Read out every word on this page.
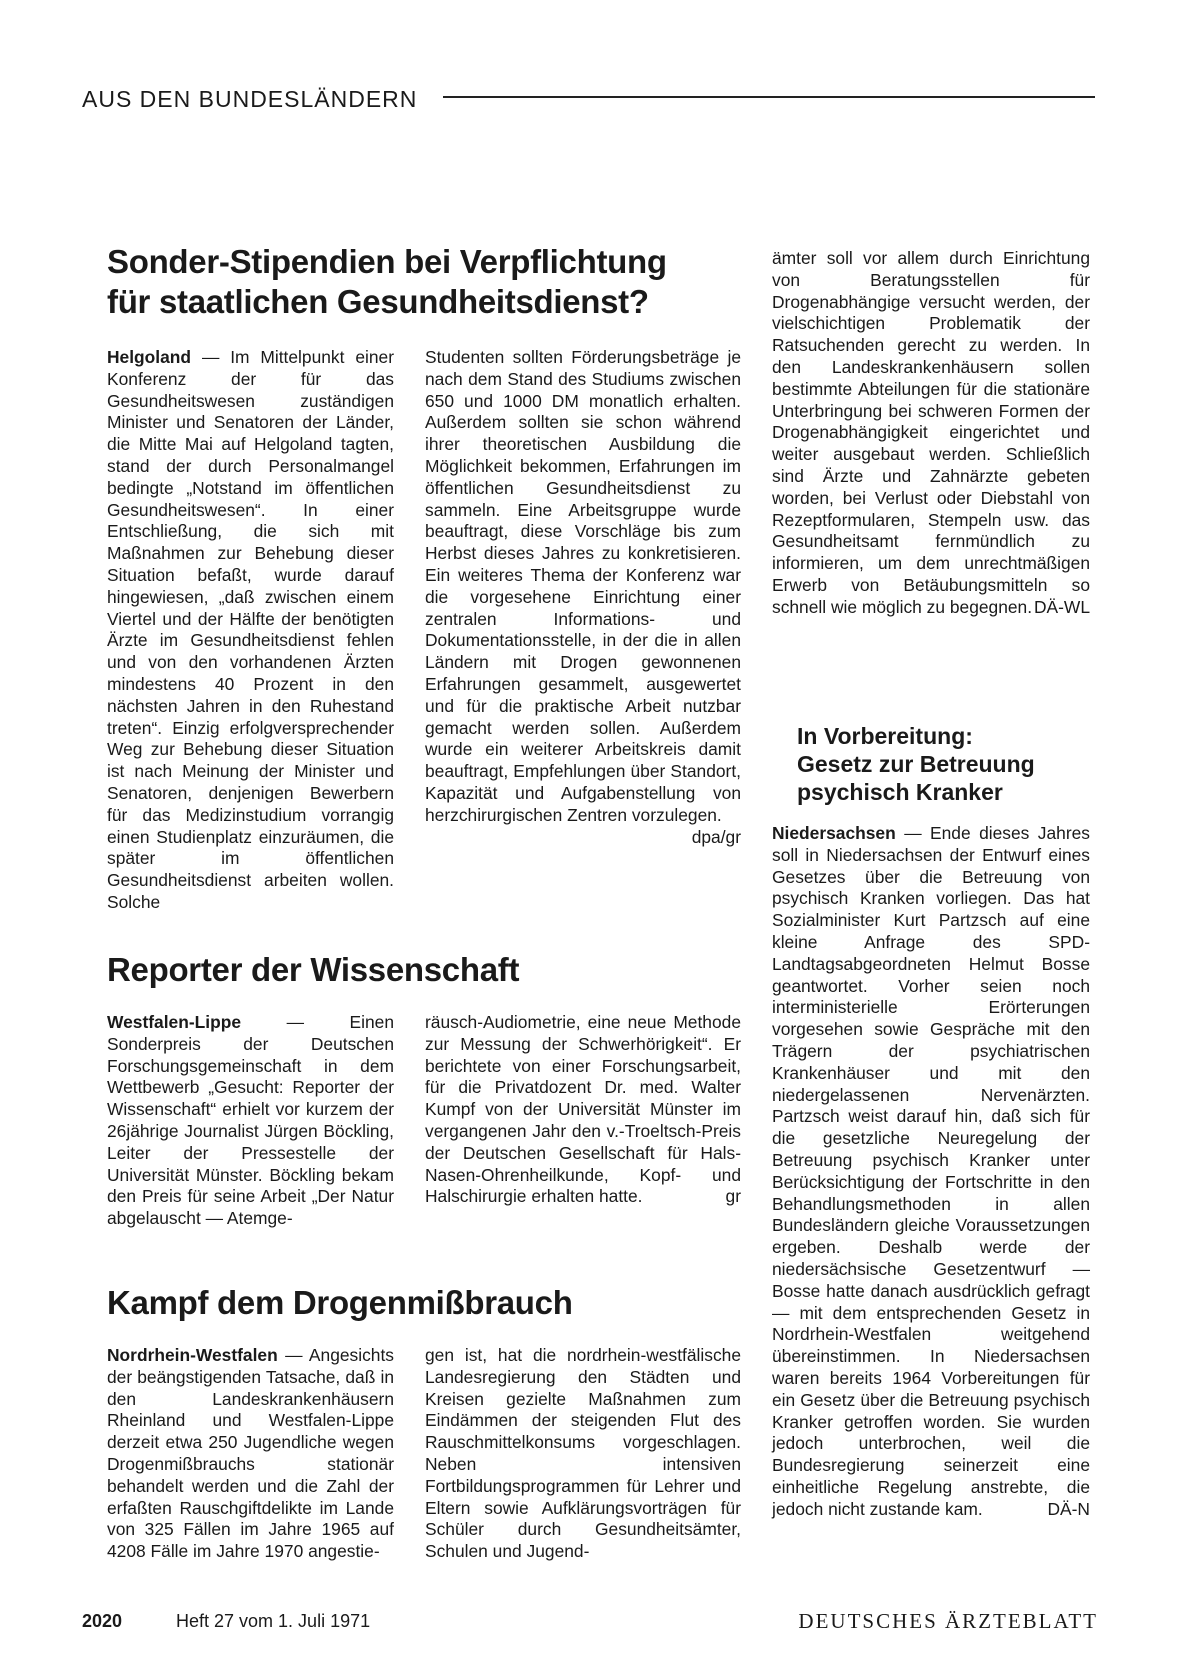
AUS DEN BUNDESLÄNDERN
Sonder-Stipendien bei Verpflichtung
für staatlichen Gesundheitsdienst?

Helgoland — Im Mittelpunkt einer Konferenz der für das Gesundheitswesen zuständigen Minister und Senatoren der Länder, die Mitte Mai auf Helgoland tagten, stand der durch Personalmangel bedingte „Notstand im öffentlichen Gesundheitswesen“. In einer Entschließung, die sich mit Maßnahmen zur Behebung dieser Situation befaßt, wurde darauf hingewiesen, „daß zwischen einem Viertel und der Hälfte der benötigten Ärzte im Gesundheitsdienst fehlen und von den vorhandenen Ärzten mindestens 40 Prozent in den nächsten Jahren in den Ruhestand treten“. Einzig erfolgversprechender Weg zur Behebung dieser Situation ist nach Meinung der Minister und Senatoren, denjenigen Bewerbern für das Medizinstudium vorrangig einen Studienplatz einzuräumen, die später im öffentlichen Gesundheitsdienst arbeiten wollen. Solche

Studenten sollten Förderungsbeträge je nach dem Stand des Studiums zwischen 650 und 1000 DM monatlich erhalten. Außerdem sollten sie schon während ihrer theoretischen Ausbildung die Möglichkeit bekommen, Erfahrungen im öffentlichen Gesundheitsdienst zu sammeln. Eine Arbeitsgruppe wurde beauftragt, diese Vorschläge bis zum Herbst dieses Jahres zu konkretisieren. Ein weiteres Thema der Konferenz war die vorgesehene Einrichtung einer zentralen Informations- und Dokumentationsstelle, in der die in allen Ländern mit Drogen gewonnenen Erfahrungen gesammelt, ausgewertet und für die praktische Arbeit nutzbar gemacht werden sollen. Außerdem wurde ein weiterer Arbeitskreis damit beauftragt, Empfehlungen über Standort, Kapazität und Aufgabenstellung von herzchirurgischen Zentren vorzulegen.
dpa/gr

Reporter der Wissenschaft

Westfalen-Lippe	— Einen Sonderpreis der Deutschen Forschungsgemeinschaft in dem Wettbewerb „Gesucht: Reporter der Wissenschaft“ erhielt vor kurzem der 26jährige Journalist Jürgen Böckling, Leiter der Pressestelle der Universität Münster. Böckling bekam den Preis für seine Arbeit „Der Natur abgelauscht — Atemge-

räusch-Audiometrie, eine neue Methode zur Messung der Schwerhörigkeit“. Er berichtete von einer Forschungsarbeit, für die Privatdozent Dr. med. Walter Kumpf von der Universität Münster im vergangenen Jahr den v.-Troeltsch-Preis der Deutschen Gesellschaft für Hals-Nasen-Ohrenheilkunde, Kopf- und Halschirurgie erhalten hatte.	gr

Kampf dem Drogenmißbrauch

Nordrhein-Westfalen — Angesichts der beängstigenden Tatsache, daß in den Landeskrankenhäusern Rheinland und Westfalen-Lippe derzeit etwa 250 Jugendliche wegen Drogenmißbrauchs stationär behandelt werden und die Zahl der erfaßten Rauschgiftdelikte im Lande von 325 Fällen im Jahre 1965 auf 4208 Fälle im Jahre 1970 angestie-

gen ist, hat die nordrhein-westfälische Landesregierung den Städten und Kreisen gezielte Maßnahmen zum Eindämmen der steigenden Flut des Rauschmittelkonsums vorgeschlagen. Neben intensiven Fortbildungsprogrammen für Lehrer und Eltern sowie Aufklärungsvorträgen für Schüler durch Gesundheitsämter, Schulen und Jugend-

ämter soll vor allem durch Einrichtung von Beratungsstellen für Drogenabhängige versucht werden, der vielschichtigen Problematik der Ratsuchenden gerecht zu werden. In den Landeskrankenhäusern sollen bestimmte Abteilungen für die stationäre Unterbringung bei schweren Formen der Drogenabhängigkeit eingerichtet und weiter ausgebaut werden. Schließlich sind Ärzte und Zahnärzte gebeten worden, bei Verlust oder Diebstahl von Rezeptformularen, Stempeln usw. das Gesundheitsamt fernmündlich zu informieren, um dem unrechtmäßigen Erwerb von Betäubungsmitteln so schnell wie möglich zu begegnen. DÄ-WL

In Vorbereitung:
Gesetz zur Betreuung
psychisch Kranker

Niedersachsen — Ende dieses Jahres soll in Niedersachsen der Entwurf eines Gesetzes über die Betreuung von psychisch Kranken vorliegen. Das hat Sozialminister Kurt Partzsch auf eine kleine Anfrage des SPD-Landtagsabgeordneten Helmut Bosse geantwortet. Vorher seien noch interministerielle Erörterungen vorgesehen sowie Gespräche mit den Trägern der psychiatrischen Krankenhäuser und mit den niedergelassenen Nervenärzten. Partzsch weist darauf hin, daß sich für die gesetzliche Neuregelung der Betreuung psychisch Kranker unter Berücksichtigung der Fortschritte in den Behandlungsmethoden in allen Bundesländern gleiche Voraussetzungen ergeben. Deshalb werde der niedersächsische Gesetzentwurf — Bosse hatte danach ausdrücklich gefragt — mit dem entsprechenden Gesetz in Nordrhein-Westfalen weitgehend übereinstimmen. In Niedersachsen waren bereits 1964 Vorbereitungen für ein Gesetz über die Betreuung psychisch Kranker getroffen worden. Sie wurden jedoch unterbrochen, weil die Bundesregierung seinerzeit eine einheitliche Regelung anstrebte, die jedoch nicht zustande kam.	DÄ-N

2020	Heft 27 vom 1. Juli 1971	DEUTSCHES ÄRZTEBLATT
